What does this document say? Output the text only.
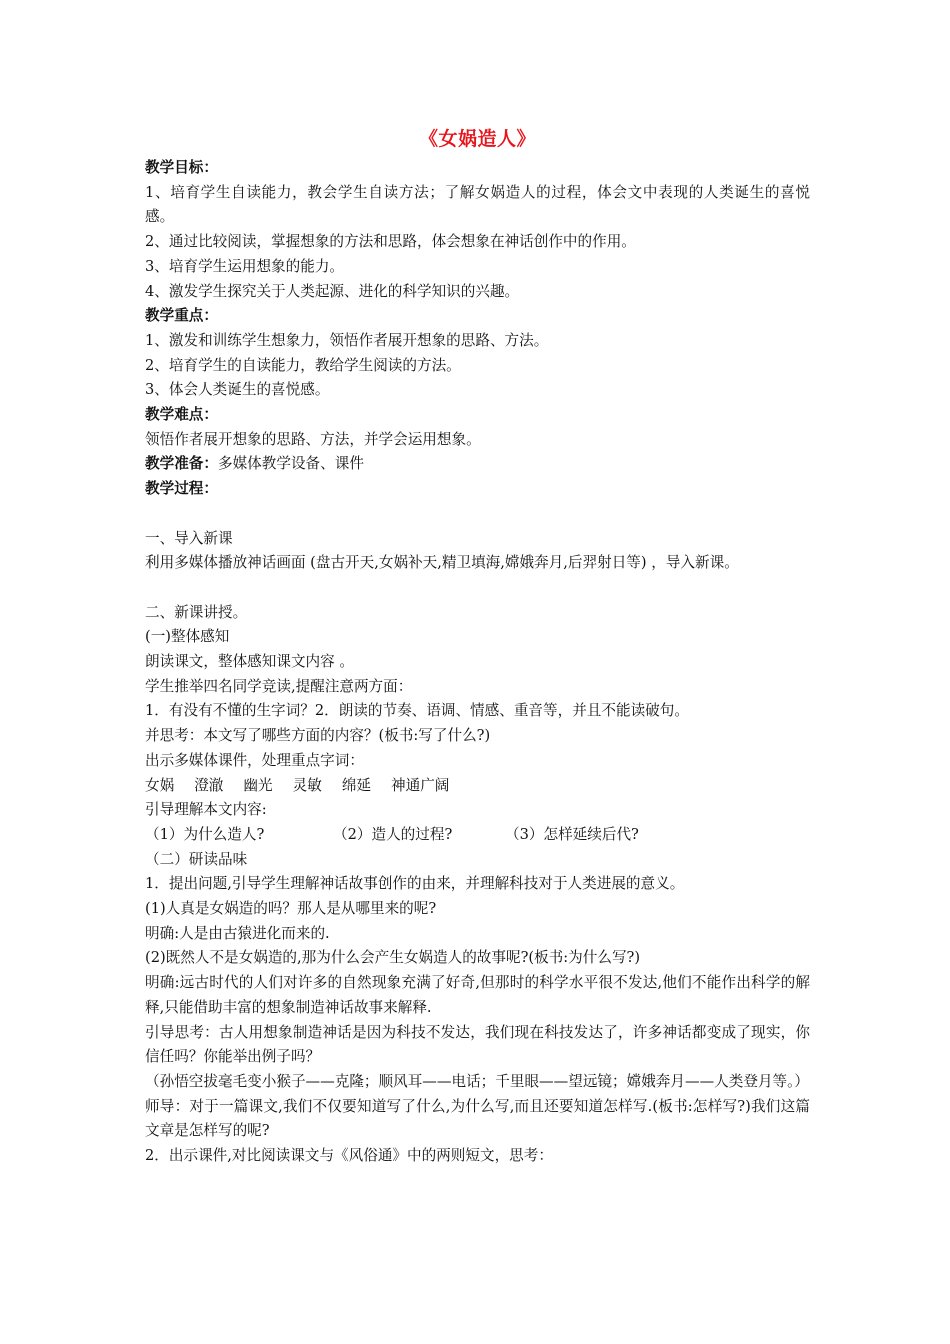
《女娲造人》
教学目标：
1、培育学生自读能力，教会学生自读方法；了解女娲造人的过程，体会文中表现的人类诞生的喜悦感。
2、通过比较阅读，掌握想象的方法和思路，体会想象在神话创作中的作用。
3、培育学生运用想象的能力。
4、激发学生探究关于人类起源、进化的科学知识的兴趣。
教学重点：
1、激发和训练学生想象力，领悟作者展开想象的思路、方法。
2、培育学生的自读能力，教给学生阅读的方法。
3、体会人类诞生的喜悦感。
教学难点：
领悟作者展开想象的思路、方法，并学会运用想象。
教学准备：多媒体教学设备、课件
教学过程：
一、导入新课
利用多媒体播放神话画面 (盘古开天,女娲补天,精卫填海,嫦娥奔月,后羿射日等) ，导入新课。
二、新课讲授。
(一)整体感知
朗读课文，整体感知课文内容 。
学生推举四名同学竞读,提醒注意两方面：
1．有没有不懂的生字词？2．朗读的节奏、语调、情感、重音等，并且不能读破句。
并思考：本文写了哪些方面的内容？(板书:写了什么?)
出示多媒体课件，处理重点字词：
女娲 澄澈 幽光 灵敏 绵延 神通广阔
引导理解本文内容:
（1）为什么造人?	（2）造人的过程?	（3）怎样延续后代?
（二）研读品味
1．提出问题,引导学生理解神话故事创作的由来，并理解科技对于人类进展的意义。
(1)人真是女娲造的吗？那人是从哪里来的呢?
明确:人是由古猿进化而来的.
(2)既然人不是女娲造的,那为什么会产生女娲造人的故事呢?(板书:为什么写?)
明确:远古时代的人们对许多的自然现象充满了好奇,但那时的科学水平很不发达,他们不能作出科学的解释,只能借助丰富的想象制造神话故事来解释.
引导思考：古人用想象制造神话是因为科技不发达，我们现在科技发达了，许多神话都变成了现实，你信任吗？你能举出例子吗？
（孙悟空拔毫毛变小猴子——克隆；顺风耳——电话；千里眼——望远镜；嫦娥奔月——人类登月等。）
师导：对于一篇课文,我们不仅要知道写了什么,为什么写,而且还要知道怎样写.(板书:怎样写?)我们这篇文章是怎样写的呢?
2．出示课件,对比阅读课文与《风俗通》中的两则短文，思考：
